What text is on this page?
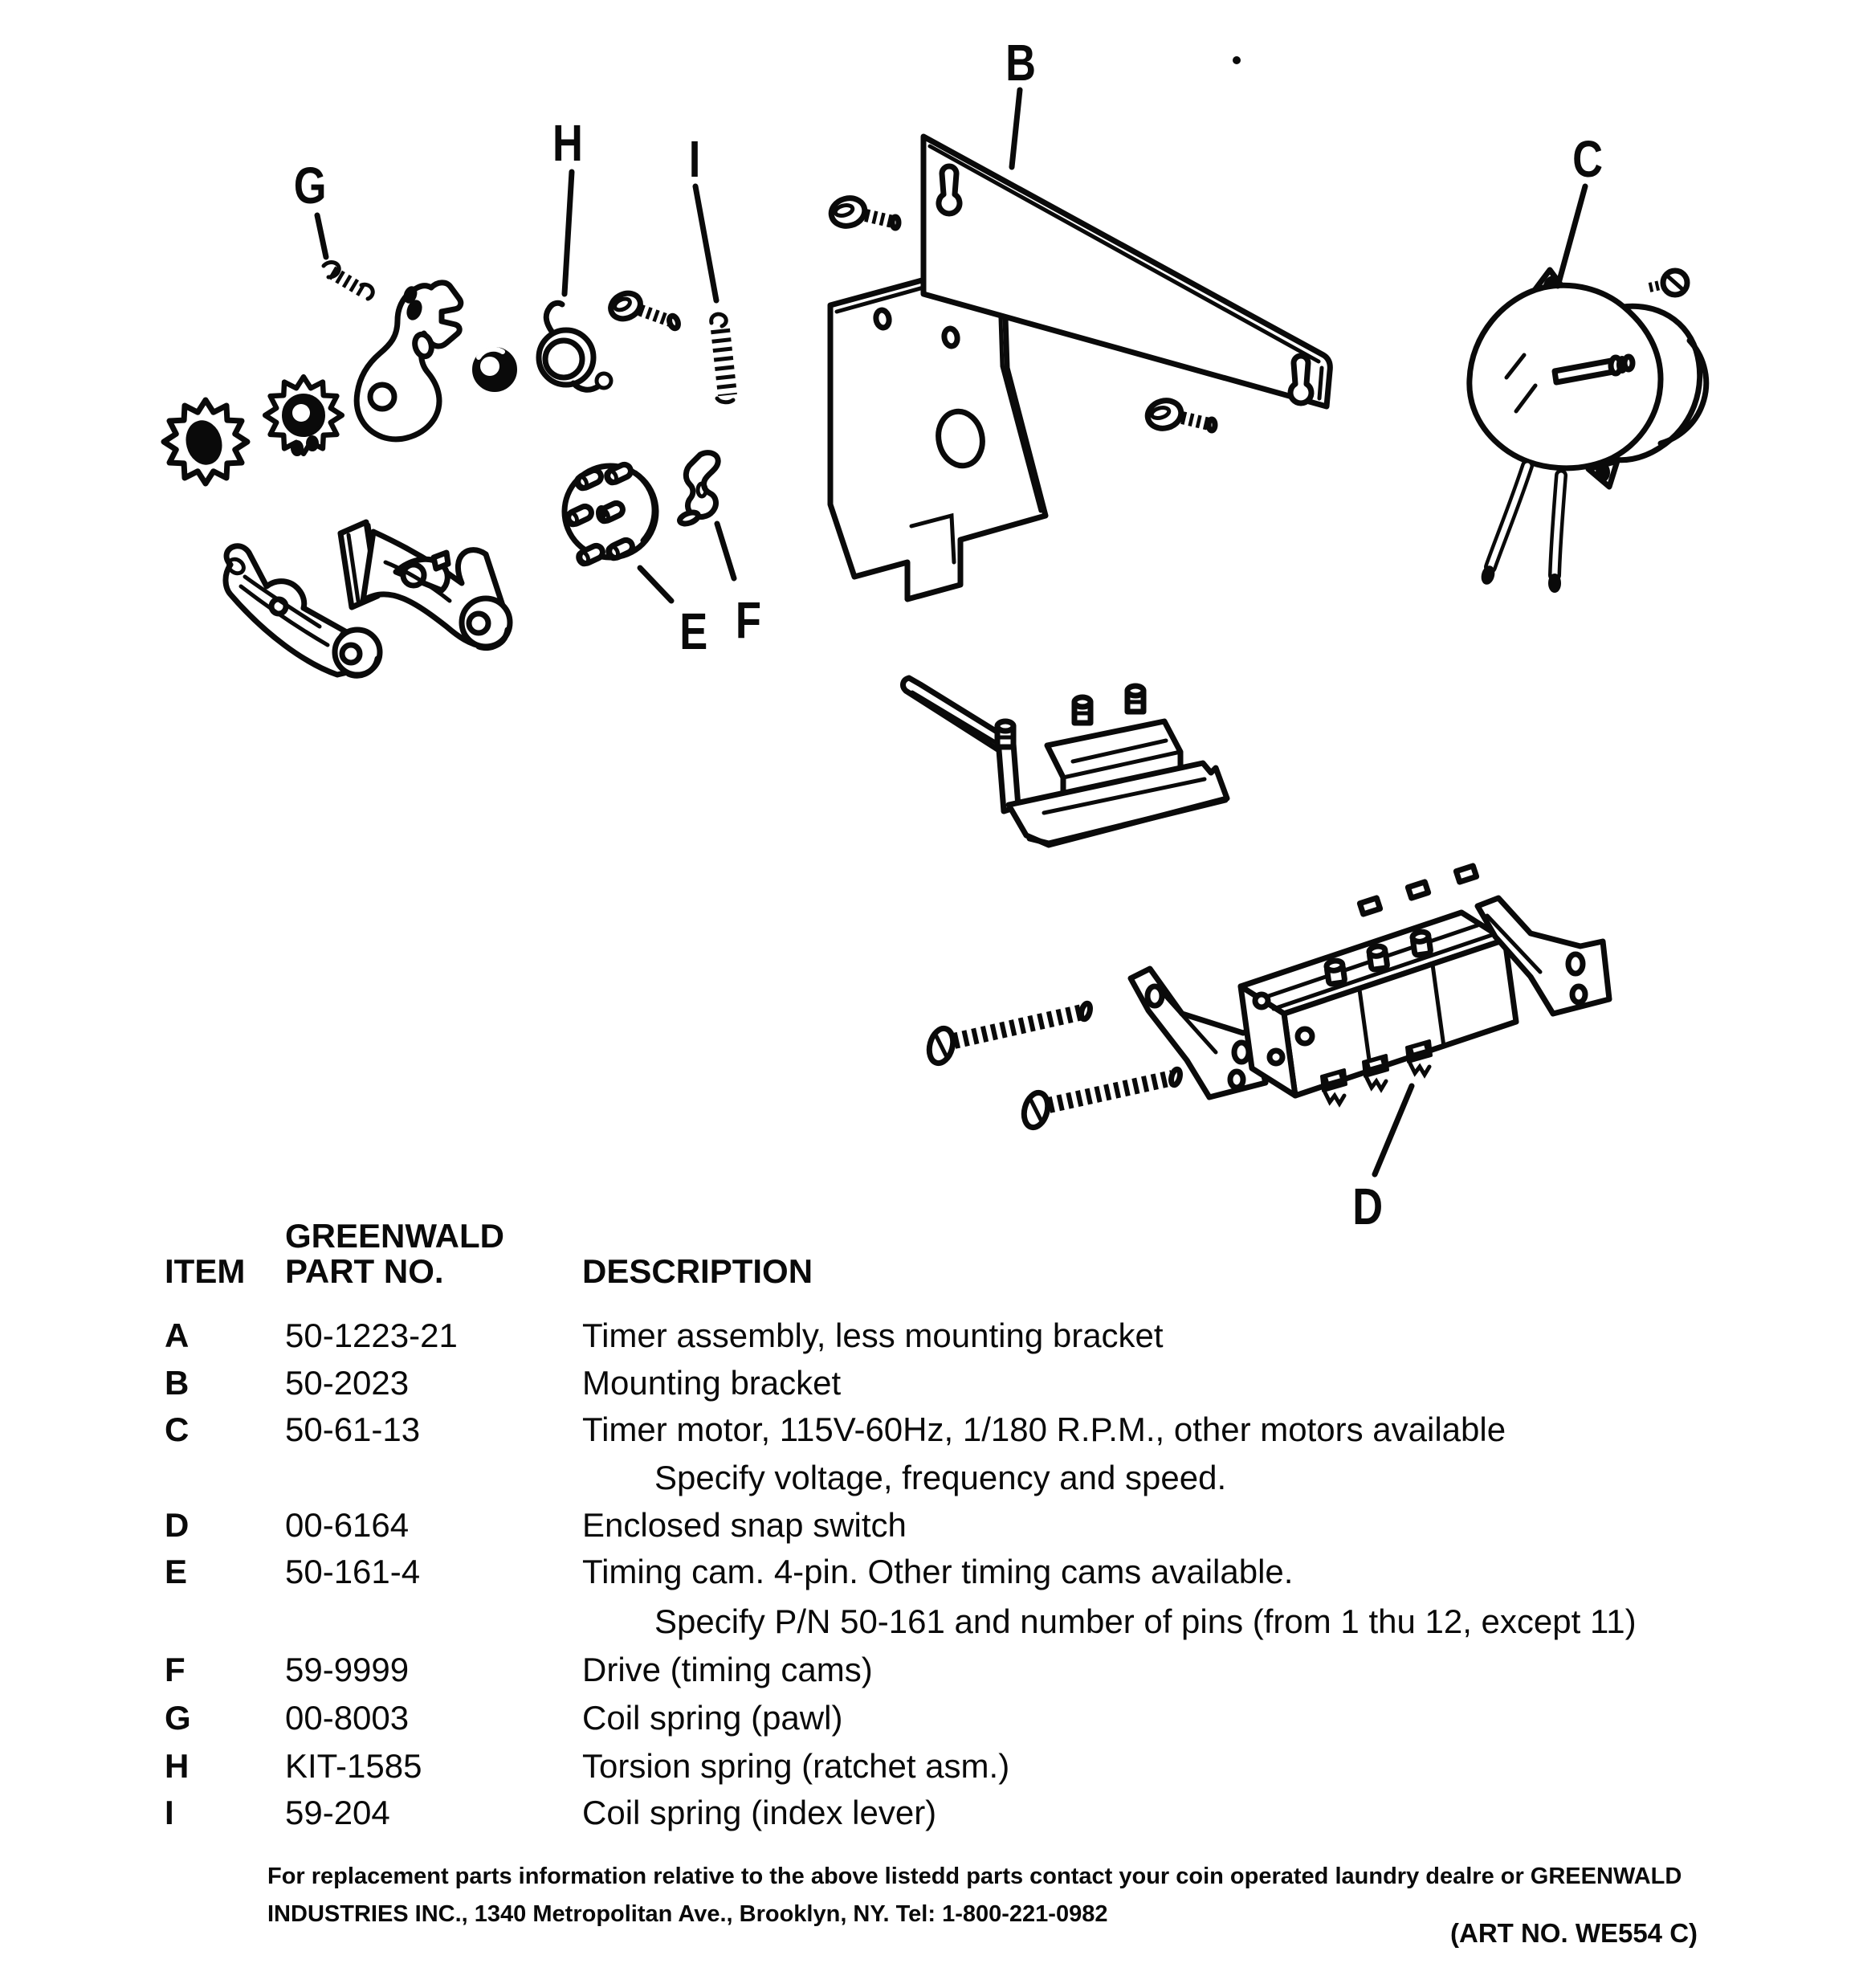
B
C
D
E F
G
H I
GREENWALD
ITEM PART NO.	DESCRIPTION
A	50-1223-21	Timer assembly, less mounting bracket
B	50-2023	Mounting bracket
C	50-61-13	Timer motor, 115V-60Hz, 1/180 R.P.M., other motors available
Specify voltage, frequency and speed.
D	00-6164	Enclosed snap switch
E	50-161-4	Timing cam. 4-pin. Other timing cams available.
Specify P/N 50-161 and number of pins (from 1 thu 12, except 11)
F	59-9999	Drive (timing cams)
G	00-8003	Coil spring (pawl)
H	KIT-1585	Torsion spring (ratchet asm.)
I	59-204	Coil spring (index lever)
For replacement parts information relative to the above listedd parts contact your coin operated laundry dealre or GREENWALD
INDUSTRIES INC., 1340 Metropolitan Ave., Brooklyn, NY. Tel: 1-800-221-0982
(ART NO. WE554 C)
